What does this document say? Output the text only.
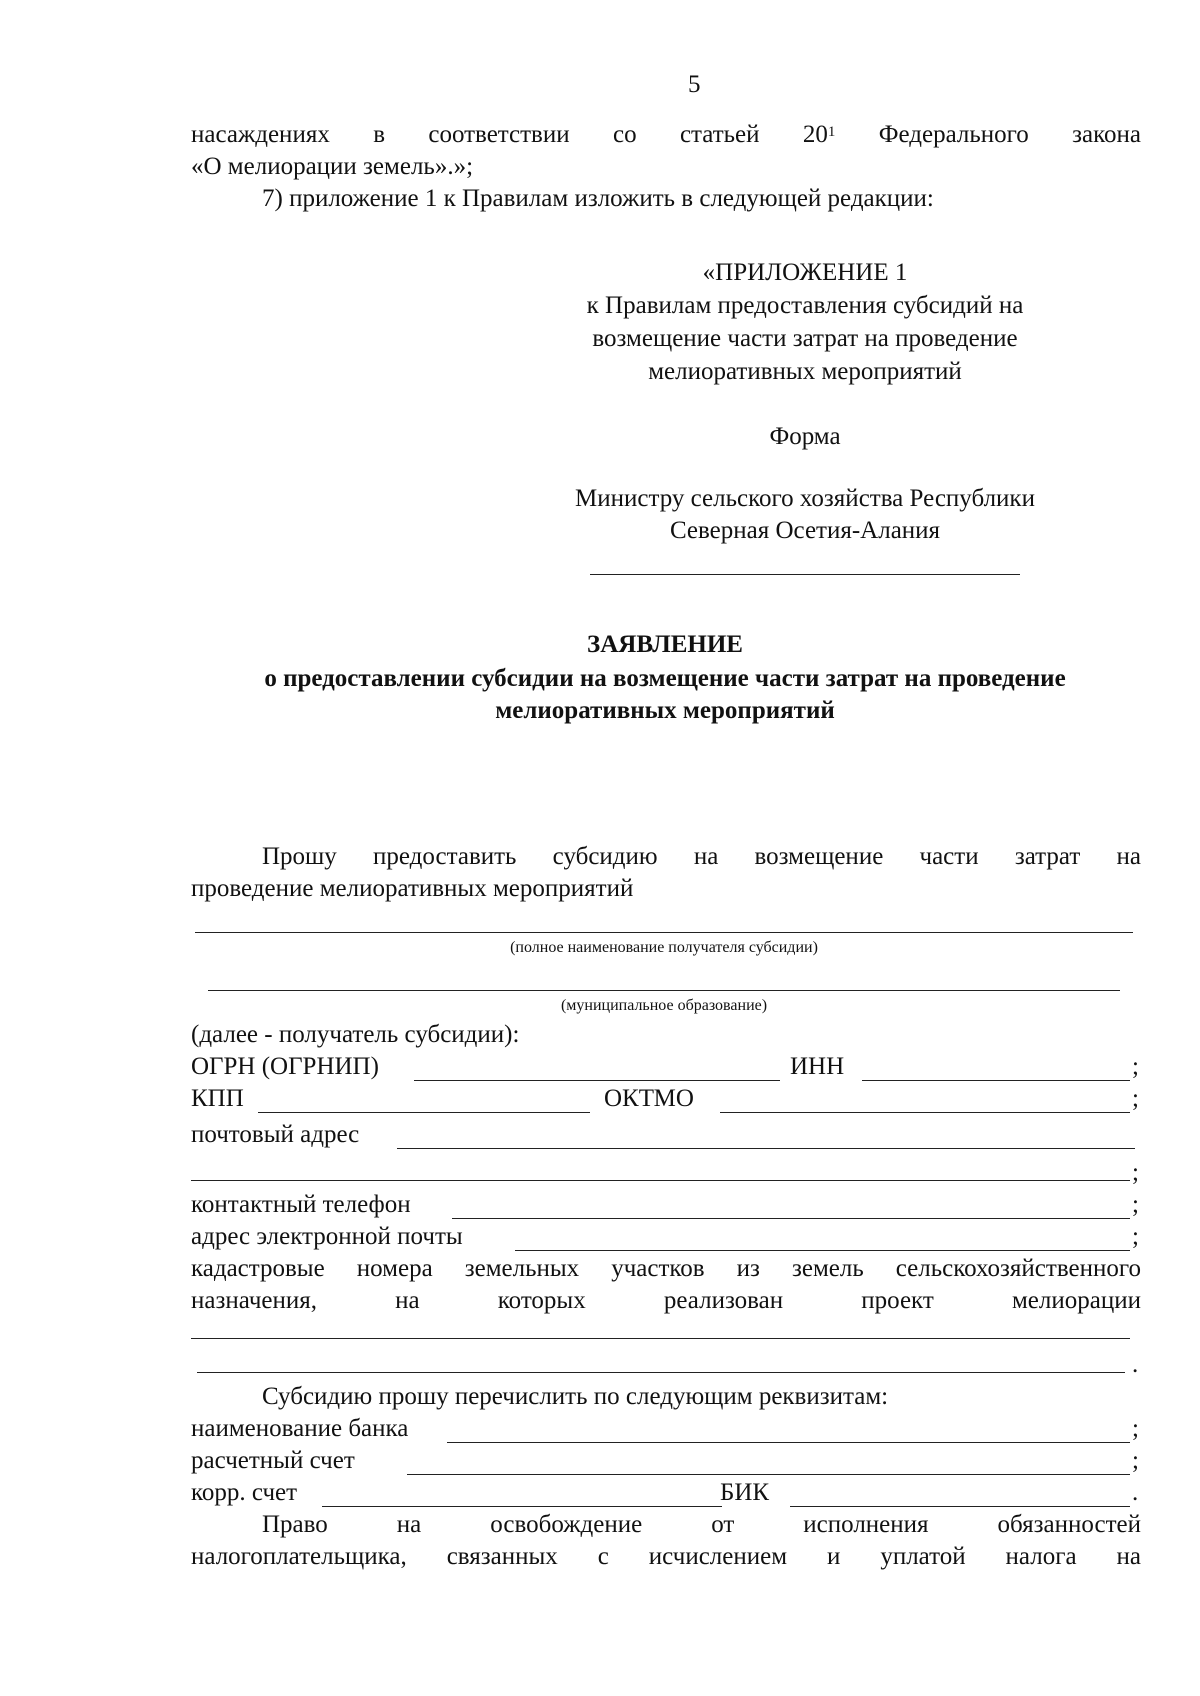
5
насаждениях в соответствии со статьей $20^1$ Федерального закона
«О мелиорации земель».»;
7) приложение 1 к Правилам изложить в следующей редакции:
«ПРИЛОЖЕНИЕ 1
к Правилам предоставления субсидий на
возмещение части затрат на проведение
мелиоративных мероприятий
Форма
Министру сельского хозяйства Республики
Северная Осетия-Алания
ЗАЯВЛЕНИЕ
о предоставлении субсидии на возмещение части затрат на проведение
мелиоративных мероприятий
Прошу предоставить субсидию на возмещение части затрат на
проведение мелиоративных мероприятий
(полное наименование получателя субсидии)
(муниципальное образование)
(далее - получатель субсидии):
ОГРН (ОГРНИП)	ИНН	;
КПП	ОКТМО	;
почтовый адрес
;
контактный телефон	;
адрес электронной почты	;
кадастровые номера земельных участков из земель сельскохозяйственного
назначения,	на	которых	реализован	проект	мелиорации
.
Субсидию прошу перечислить по следующим реквизитам:
наименование банка	;
расчетный счет	;
корр. счет	БИК	.
Право	на	освобождение	от	исполнения	обязанностей
налогоплательщика, связанных с исчислением и уплатой налога на
